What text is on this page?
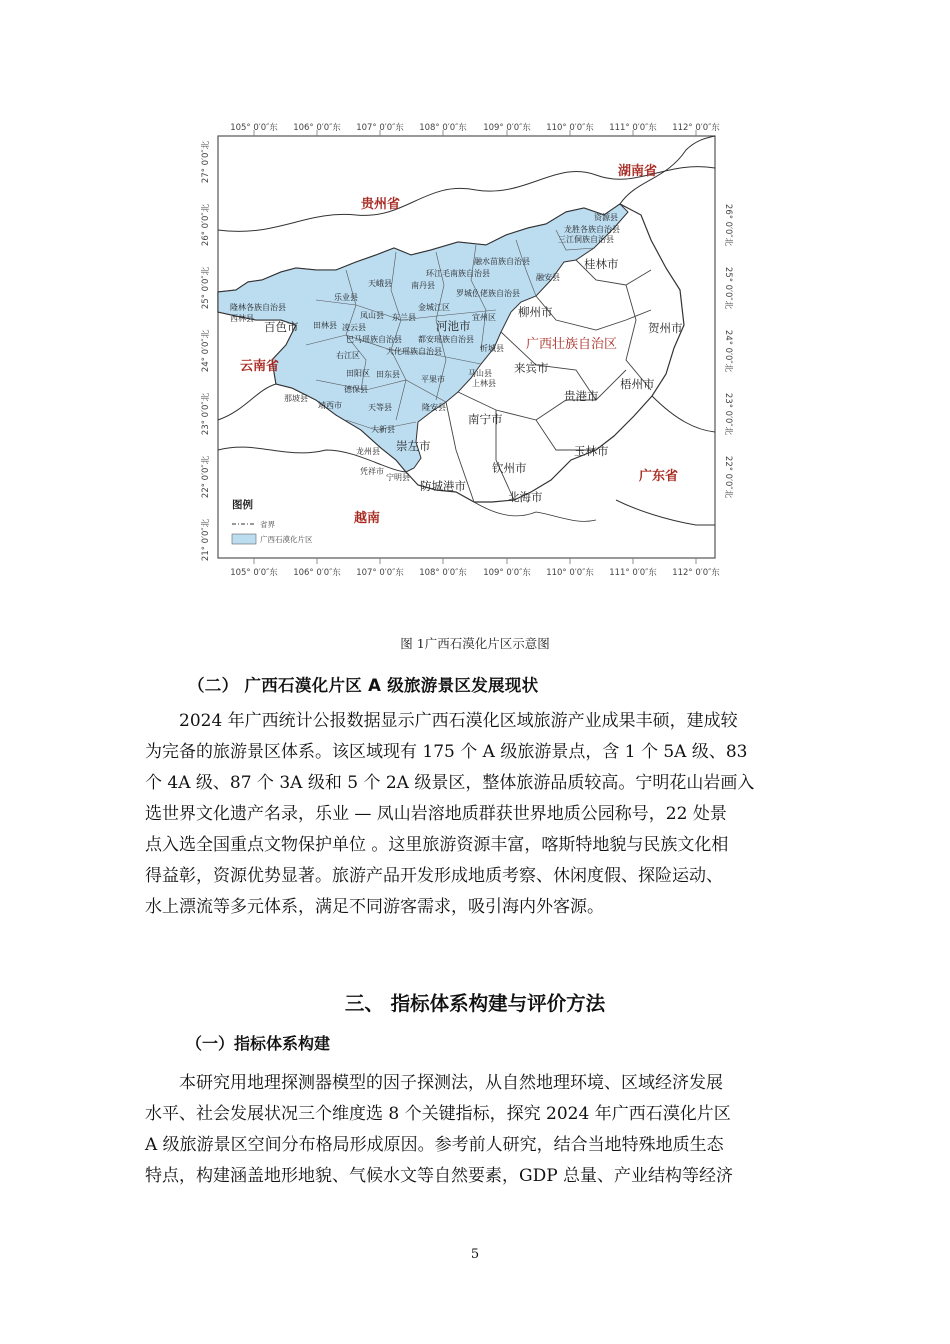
105° 0′0″东 106° 0′0″东 107° 0′0″东 108° 0′0″东 109° 0′0″东 110° 0′0″东 111° 0′0″东 112° 0′0″东
105° 0′0″东 106° 0′0″东 107° 0′0″东 108° 0′0″东 109° 0′0″东 110° 0′0″东 111° 0′0″东 112° 0′0″东
27° 0′0″北
26° 0′0″北
25° 0′0″北
24° 0′0″北
23° 0′0″北
22° 0′0″北
21° 0′0″北
26° 0′0″北
25° 0′0″北
24° 0′0″北
23° 0′0″北
22° 0′0″北
贵州省
湖南省
云南省
广东省
越南
广西壮族自治区
桂林市
柳州市
河池市
百色市	贺州市
来宾市
梧州市
贵港市
南宁市
崇左市	玉林市
钦州市
防城港市
北海市
资源县
龙胜各族自治县
三江侗族自治县
融水苗族自治县
环江毛南族自治县	融安县
天峨县 南丹县
罗城仫佬族自治县
乐业县
金城江区
宜州区
隆林各族自治县
西林县
田林县
凤山县 东兰县
凌云县
巴马瑶族自治县 都安瑶族自治县
大化瑶族自治县	忻城县
右江区
田阳区 田东县
平果市
马山县
上林县
靖西市
德保县
那坡县
大新县
天等县	隆安县
龙州县
凭祥市
宁明县
图例
省界
广西石漠化片区
图 1广西石漠化片区示意图
（二） 广西石漠化片区 A 级旅游景区发展现状
2024 年广西统计公报数据显示广西石漠化区域旅游产业成果丰硕，建成较
为完备的旅游景区体系。该区域现有 175 个 A 级旅游景点，含 1 个 5A 级、83
个 4A 级、87 个 3A 级和 5 个 2A 级景区，整体旅游品质较高。宁明花山岩画入
选世界文化遗产名录，乐业 — 凤山岩溶地质群获世界地质公园称号，22 处景
点入选全国重点文物保护单位 。这里旅游资源丰富，喀斯特地貌与民族文化相
得益彰，资源优势显著。旅游产品开发形成地质考察、休闲度假、探险运动、
水上漂流等多元体系，满足不同游客需求，吸引海内外客源。
三、 指标体系构建与评价方法
（一）指标体系构建
本研究用地理探测器模型的因子探测法，从自然地理环境、区域经济发展
水平、社会发展状况三个维度选 8 个关键指标，探究 2024 年广西石漠化片区
A 级旅游景区空间分布格局形成原因。参考前人研究，结合当地特殊地质生态
特点，构建涵盖地形地貌、气候水文等自然要素，GDP 总量、产业结构等经济
5
